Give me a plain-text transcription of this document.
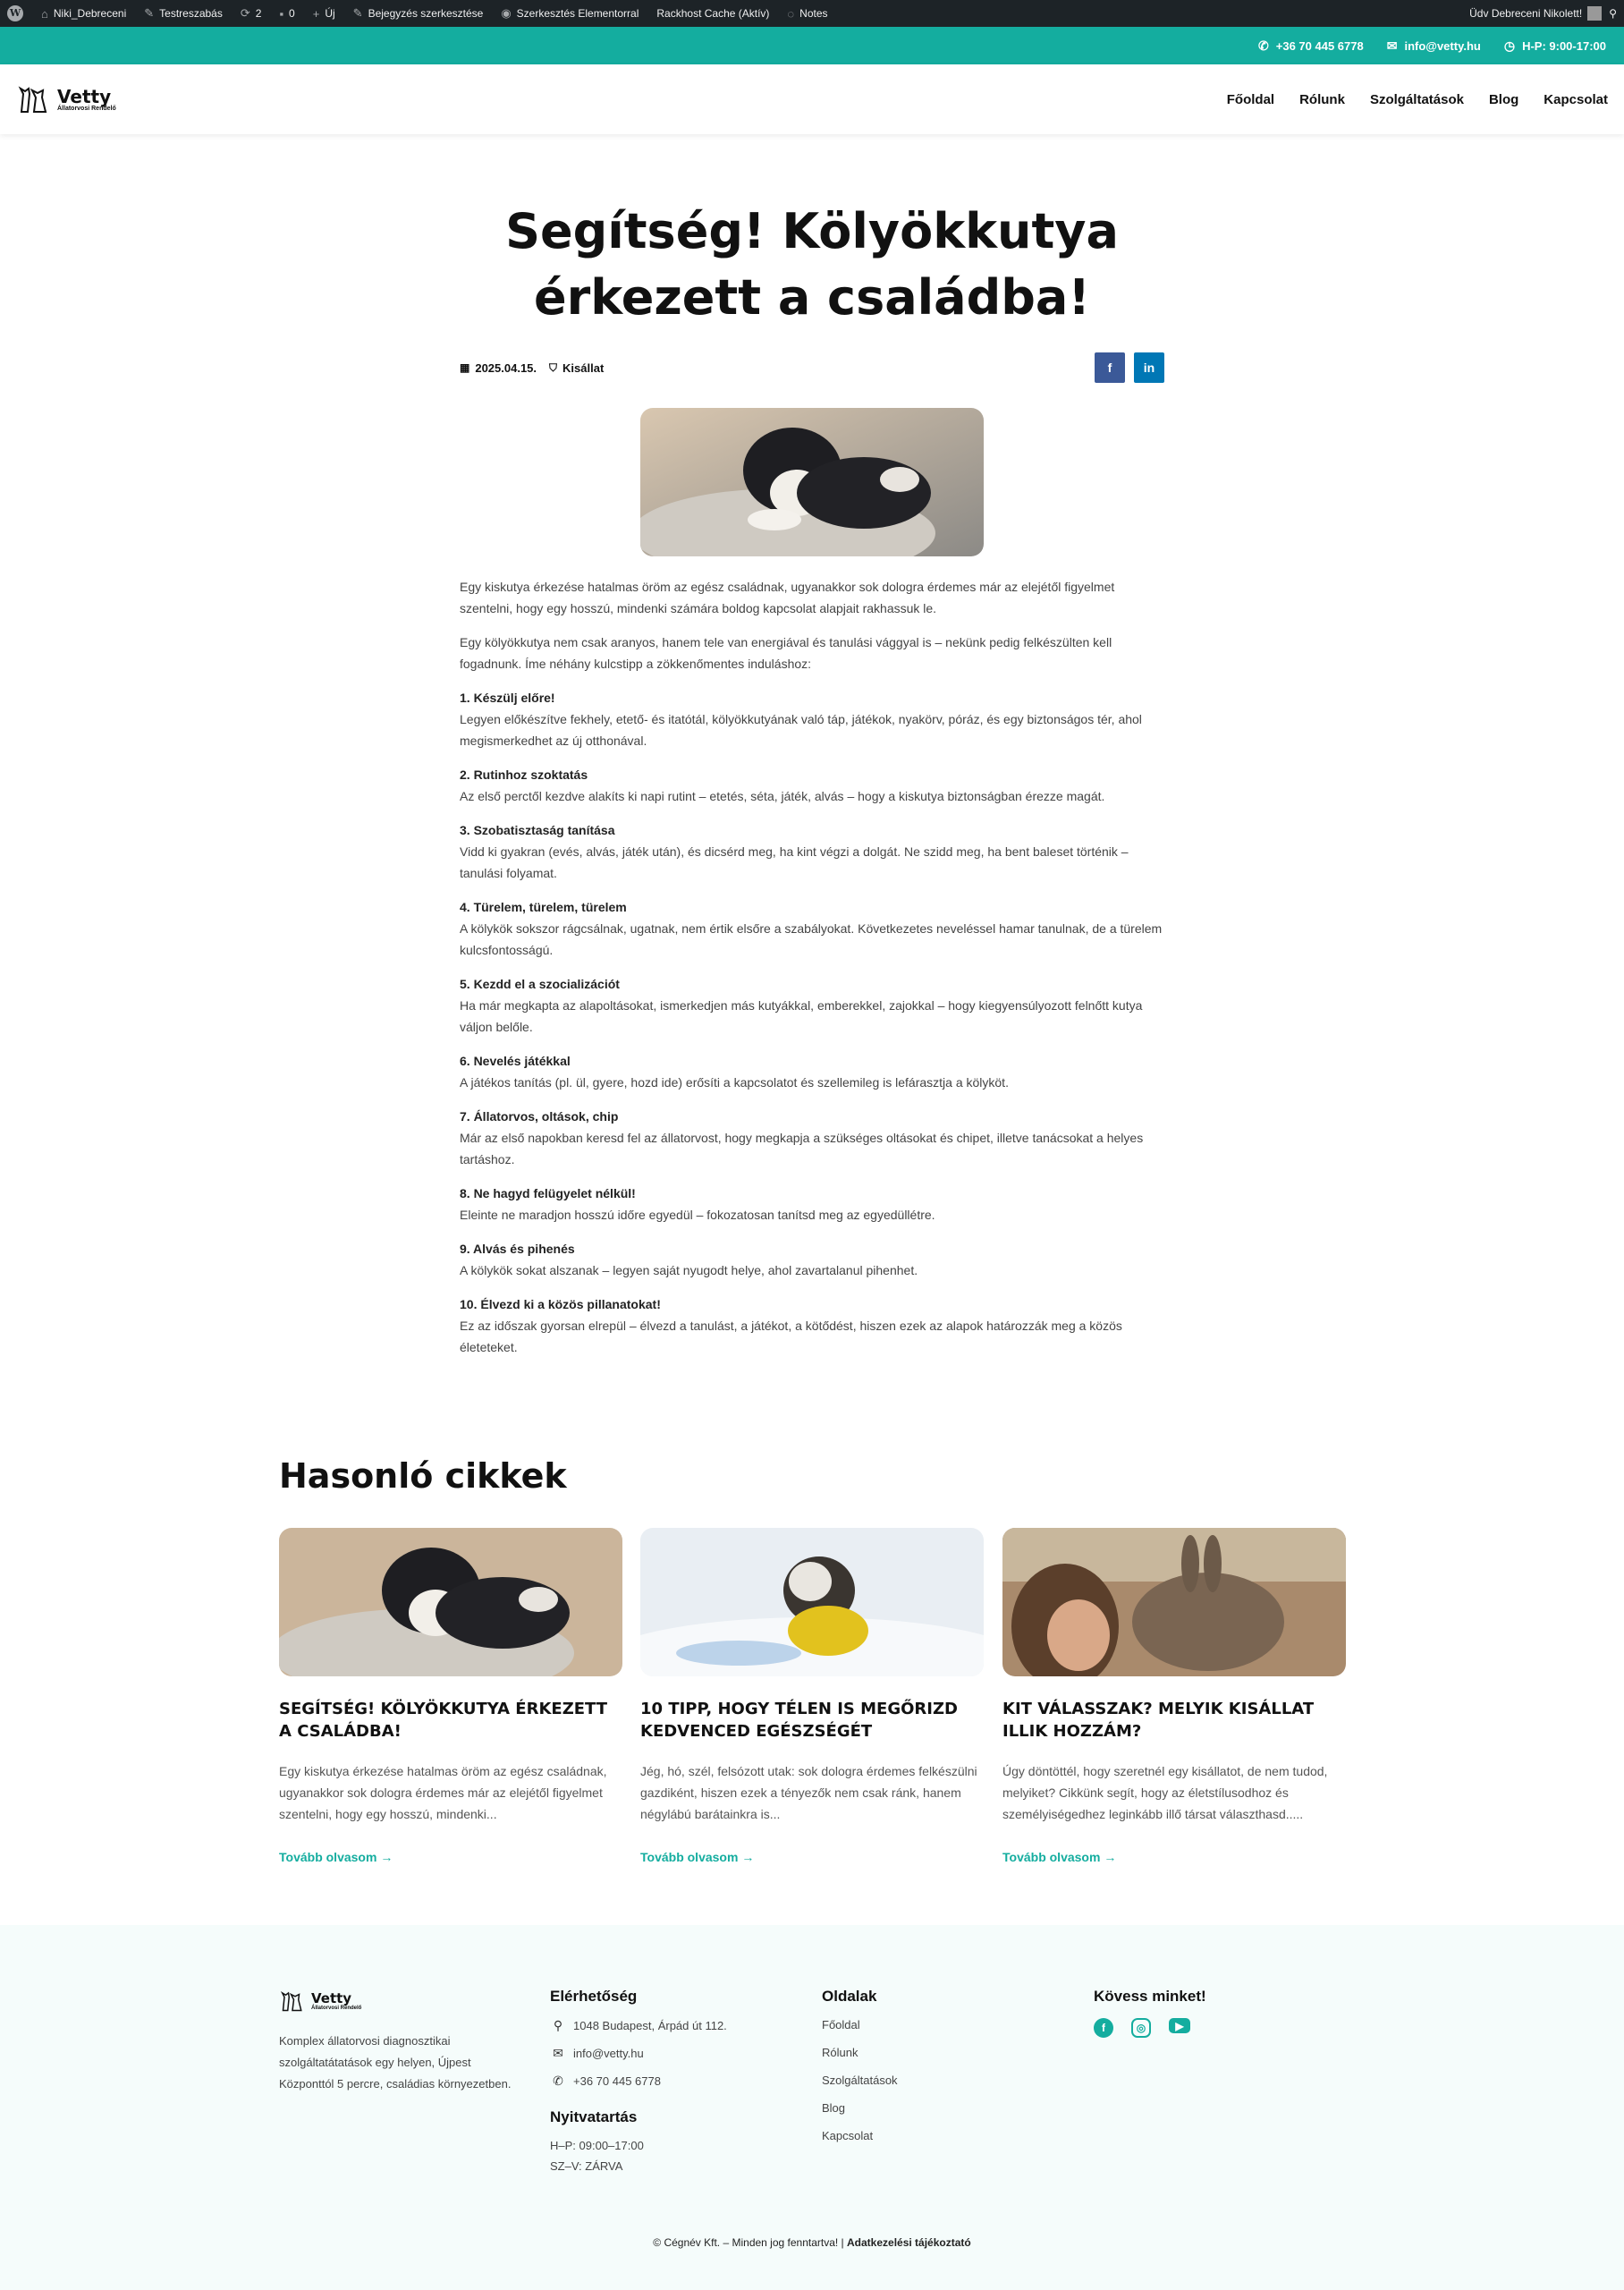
W ⌂ Niki_Debreceni ✎ Testreszabás ⟳ 2 ▪ 0 + Új ✎ Bejegyzés szerkesztése ◉ Szerkesztés Elementorral Rackhost Cache (Aktív) ◌ Notes	Üdv Debreceni Nikolett!	⚲
✆ +36 70 445 6778 ✉ info@vetty.hu ◷ H-P: 9:00-17:00
Vetty
Állatorvosi Rendelő
Főoldal Rólunk Szolgáltatások Blog Kapcsolat
Segítség! Kölyökkutya érkezett a családba!
▦ 2025.04.15. ⛉ Kisállat	f	in

Egy kiskutya érkezése hatalmas öröm az egész családnak, ugyanakkor sok dologra érdemes már az elejétől figyelmet szentelni, hogy egy hosszú, mindenki számára boldog kapcsolat alapjait rakhassuk le.

Egy kölyökkutya nem csak aranyos, hanem tele van energiával és tanulási vággyal is – nekünk pedig felkészülten kell fogadnunk. Íme néhány kulcstipp a zökkenőmentes induláshoz:

1. Készülj előre!
Legyen előkészítve fekhely, etető- és itatótál, kölyökkutyának való táp, játékok, nyakörv, póráz, és egy biztonságos tér, ahol megismerkedhet az új otthonával.

2. Rutinhoz szoktatás
Az első perctől kezdve alakíts ki napi rutint – etetés, séta, játék, alvás – hogy a kiskutya biztonságban érezze magát.

3. Szobatisztaság tanítása
Vidd ki gyakran (evés, alvás, játék után), és dicsérd meg, ha kint végzi a dolgát. Ne szidd meg, ha bent baleset történik – tanulási folyamat.

4. Türelem, türelem, türelem
A kölykök sokszor rágcsálnak, ugatnak, nem értik elsőre a szabályokat. Következetes neveléssel hamar tanulnak, de a türelem kulcsfontosságú.

5. Kezdd el a szocializációt
Ha már megkapta az alapoltásokat, ismerkedjen más kutyákkal, emberekkel, zajokkal – hogy kiegyensúlyozott felnőtt kutya váljon belőle.

6. Nevelés játékkal
A játékos tanítás (pl. ül, gyere, hozd ide) erősíti a kapcsolatot és szellemileg is lefárasztja a kölyköt.

7. Állatorvos, oltások, chip
Már az első napokban keresd fel az állatorvost, hogy megkapja a szükséges oltásokat és chipet, illetve tanácsokat a helyes tartáshoz.

8. Ne hagyd felügyelet nélkül!
Eleinte ne maradjon hosszú időre egyedül – fokozatosan tanítsd meg az egyedüllétre.

9. Alvás és pihenés
A kölykök sokat alszanak – legyen saját nyugodt helye, ahol zavartalanul pihenhet.

10. Élvezd ki a közös pillanatokat!
Ez az időszak gyorsan elrepül – élvezd a tanulást, a játékot, a kötődést, hiszen ezek az alapok határozzák meg a közös életeteket.

Hasonló cikkek
SEGÍTSÉG! KÖLYÖKKUTYA ÉRKEZETT A CSALÁDBA!
Egy kiskutya érkezése hatalmas öröm az egész családnak, ugyanakkor sok dologra érdemes már az elejétől figyelmet szentelni, hogy egy hosszú, mindenki...
Tovább olvasom →
10 TIPP, HOGY TÉLEN IS MEGŐRIZD KEDVENCED EGÉSZSÉGÉT
Jég, hó, szél, felsózott utak: sok dologra érdemes felkészülni gazdiként, hiszen ezek a tényezők nem csak ránk, hanem négylábú barátainkra is...
Tovább olvasom →
KIT VÁLASSZAK? MELYIK KISÁLLAT ILLIK HOZZÁM?
Úgy döntöttél, hogy szeretnél egy kisállatot, de nem tudod, melyiket? Cikkünk segít, hogy az életstílusodhoz és személyiségedhez leginkább illő társat választhasd.....
Tovább olvasom →
Vetty
Állatorvosi Rendelő
Komplex állatorvosi diagnosztikai szolgáltatátatások egy helyen, Újpest Központtól 5 percre, családias környezetben.
Elérhetőség
⚲ 1048 Budapest, Árpád út 112.
✉ info@vetty.hu
✆ +36 70 445 6778
Nyitvatartás
H–P: 09:00–17:00
SZ–V: ZÁRVA
Oldalak
Főoldal
Rólunk
Szolgáltatások
Blog
Kapcsolat
Kövess minket!
f	◎	▶
© Cégnév Kft. – Minden jog fenntartva! | Adatkezelési tájékoztató
